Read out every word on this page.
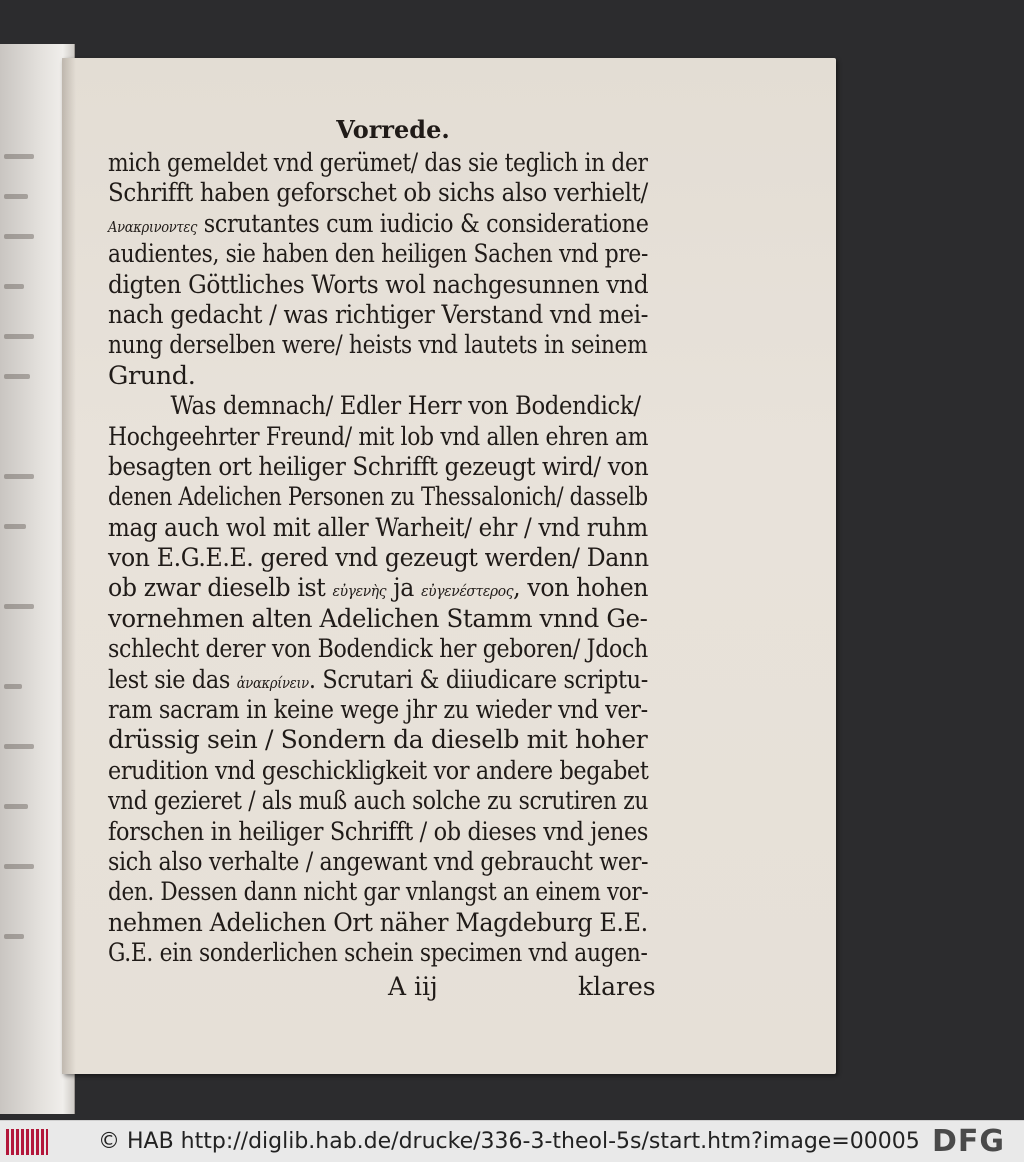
Vorrede.
mich gemeldet vnd gerümet/ das sie teglich in der
Schrifft haben geforschet ob sichs also verhielt/
Ανακρινοντες scrutantes cum iudicio & consideratione
audientes, sie haben den heiligen Sachen vnd pre-
digten Göttliches Worts wol nachgesunnen vnd
nach gedacht / was richtiger Verstand vnd mei-
nung derselben were/ heists vnd lautets in seinem
Grund.
Was demnach/ Edler Herr von Bodendick/
Hochgeehrter Freund/ mit lob vnd allen ehren am
besagten ort heiliger Schrifft gezeugt wird/ von
denen Adelichen Personen zu Thessalonich/ dasselb
mag auch wol mit aller Warheit/ ehr / vnd ruhm
von E.G.E.E. gered vnd gezeugt werden/ Dann
ob zwar dieselb ist εὐγενὴς ja εὐγενέστερος, von hohen
vornehmen alten Adelichen Stamm vnnd Ge-
schlecht derer von Bodendick her geboren/ Jdoch
lest sie das ἀνακρίνειν. Scrutari & diiudicare scriptu-
ram sacram in keine wege jhr zu wieder vnd ver-
drüssig sein / Sondern da dieselb mit hoher
erudition vnd geschickligkeit vor andere begabet
vnd gezieret / als muß auch solche zu scrutiren zu
forschen in heiliger Schrifft / ob dieses vnd jenes
sich also verhalte / angewant vnd gebraucht wer-
den. Dessen dann nicht gar vnlangst an einem vor-
nehmen Adelichen Ort näher Magdeburg E.E.
G.E. ein sonderlichen schein specimen vnd augen-
A iij	klares
© HAB http://diglib.hab.de/drucke/336-3-theol-5s/start.htm?image=00005 DFG
